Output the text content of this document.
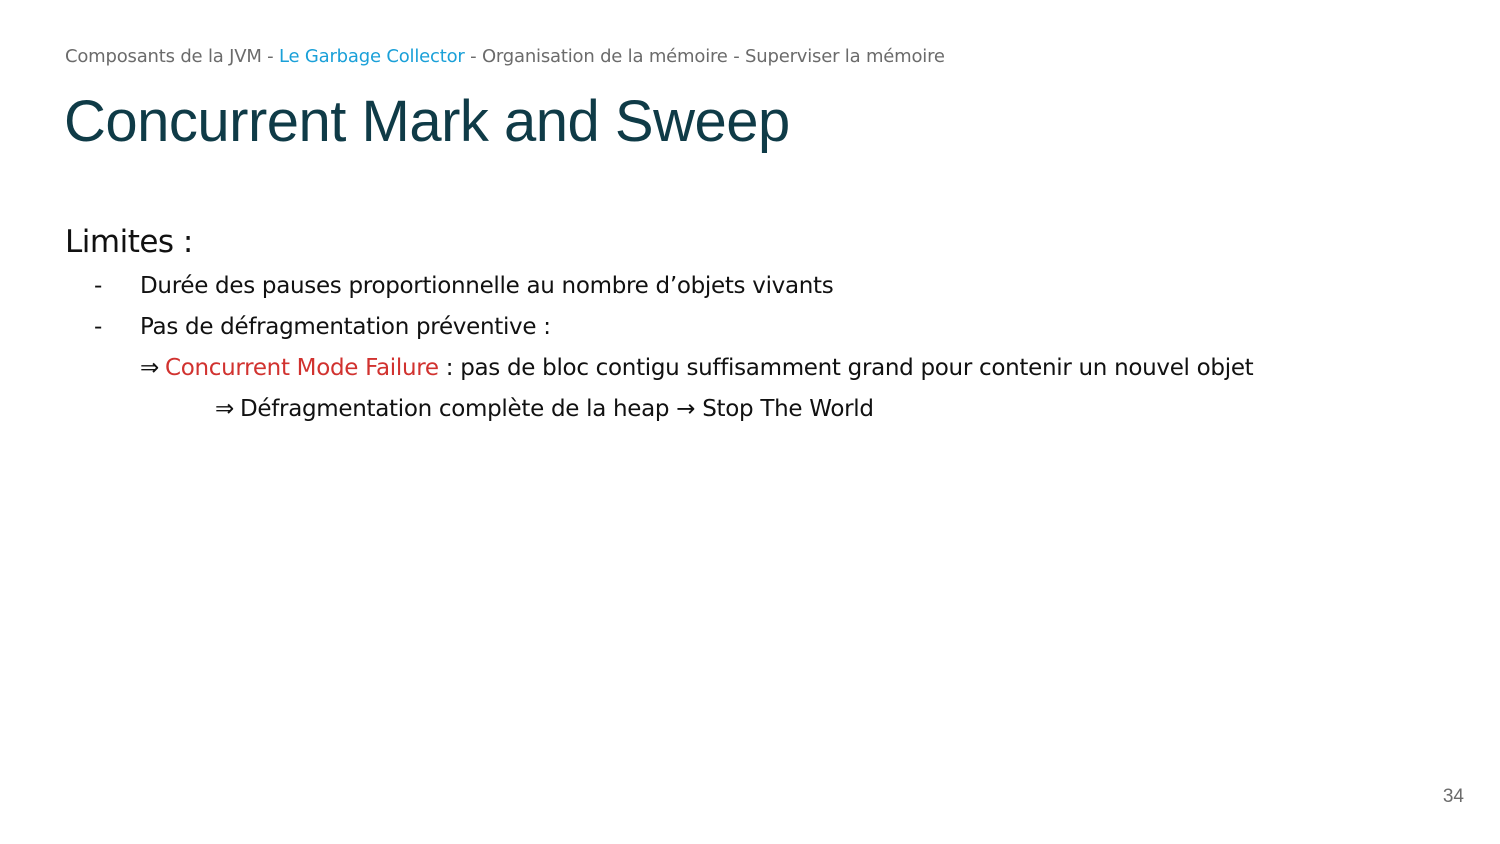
Composants de la JVM - Le Garbage Collector - Organisation de la mémoire - Superviser la mémoire
Concurrent Mark and Sweep
Limites :
- Durée des pauses proportionnelle au nombre d’objets vivants
- Pas de défragmentation préventive :
⇒ Concurrent Mode Failure : pas de bloc contigu suffisamment grand pour contenir un nouvel objet
⇒ Défragmentation complète de la heap → Stop The World
34
